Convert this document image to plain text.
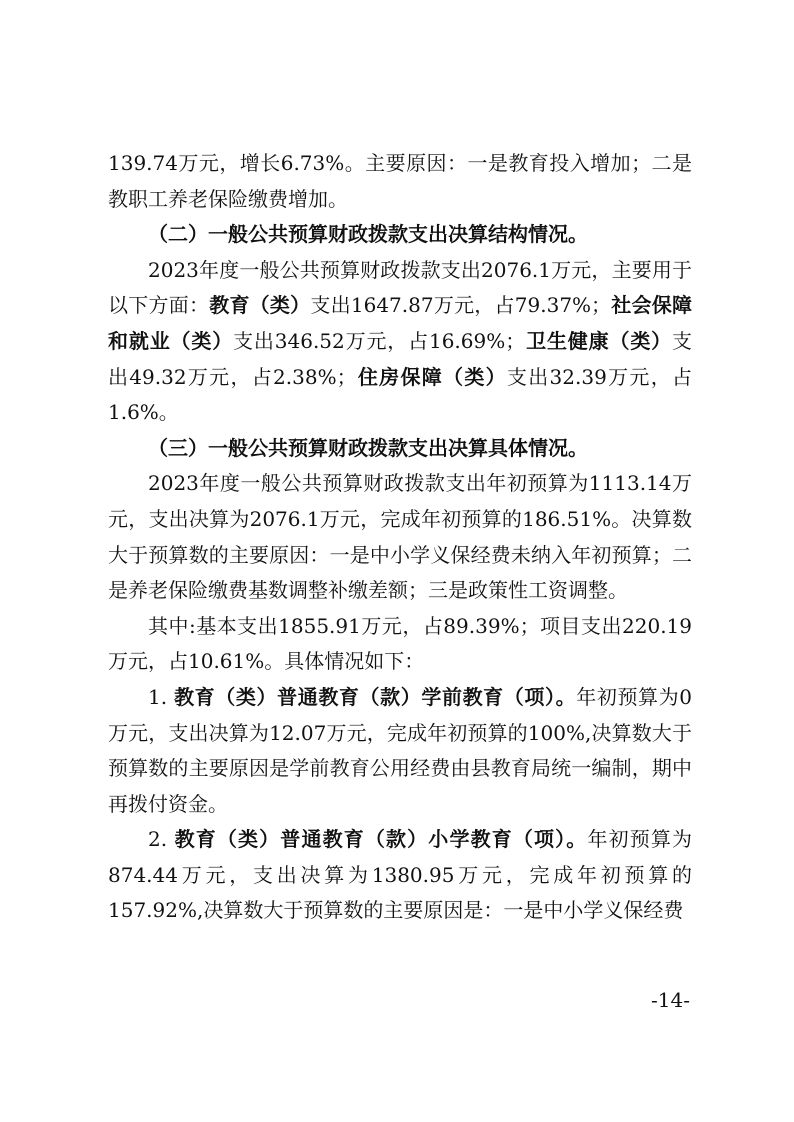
139.74万元，增长6.73%。主要原因：一是教育投入增加；二是教职工养老保险缴费增加。

（二）一般公共预算财政拨款支出决算结构情况。

2023年度一般公共预算财政拨款支出2076.1万元，主要用于以下方面：教育（类）支出1647.87万元，占79.37%；社会保障和就业（类）支出346.52万元，占16.69%；卫生健康（类）支出49.32万元，占2.38%；住房保障（类）支出32.39万元，占1.6%。

（三）一般公共预算财政拨款支出决算具体情况。

2023年度一般公共预算财政拨款支出年初预算为1113.14万元，支出决算为2076.1万元，完成年初预算的186.51%。决算数大于预算数的主要原因：一是中小学义保经费未纳入年初预算；二是养老保险缴费基数调整补缴差额；三是政策性工资调整。

其中:基本支出1855.91万元，占89.39%；项目支出220.19万元，占10.61%。具体情况如下：

1. 教育（类）普通教育（款）学前教育（项）。年初预算为0万元，支出决算为12.07万元，完成年初预算的100%,决算数大于预算数的主要原因是学前教育公用经费由县教育局统一编制，期中再拨付资金。

2. 教育（类）普通教育（款）小学教育（项）。年初预算为874.44万元，支出决算为1380.95万元，完成年初预算的157.92%,决算数大于预算数的主要原因是：一是中小学义保经费

-14-
